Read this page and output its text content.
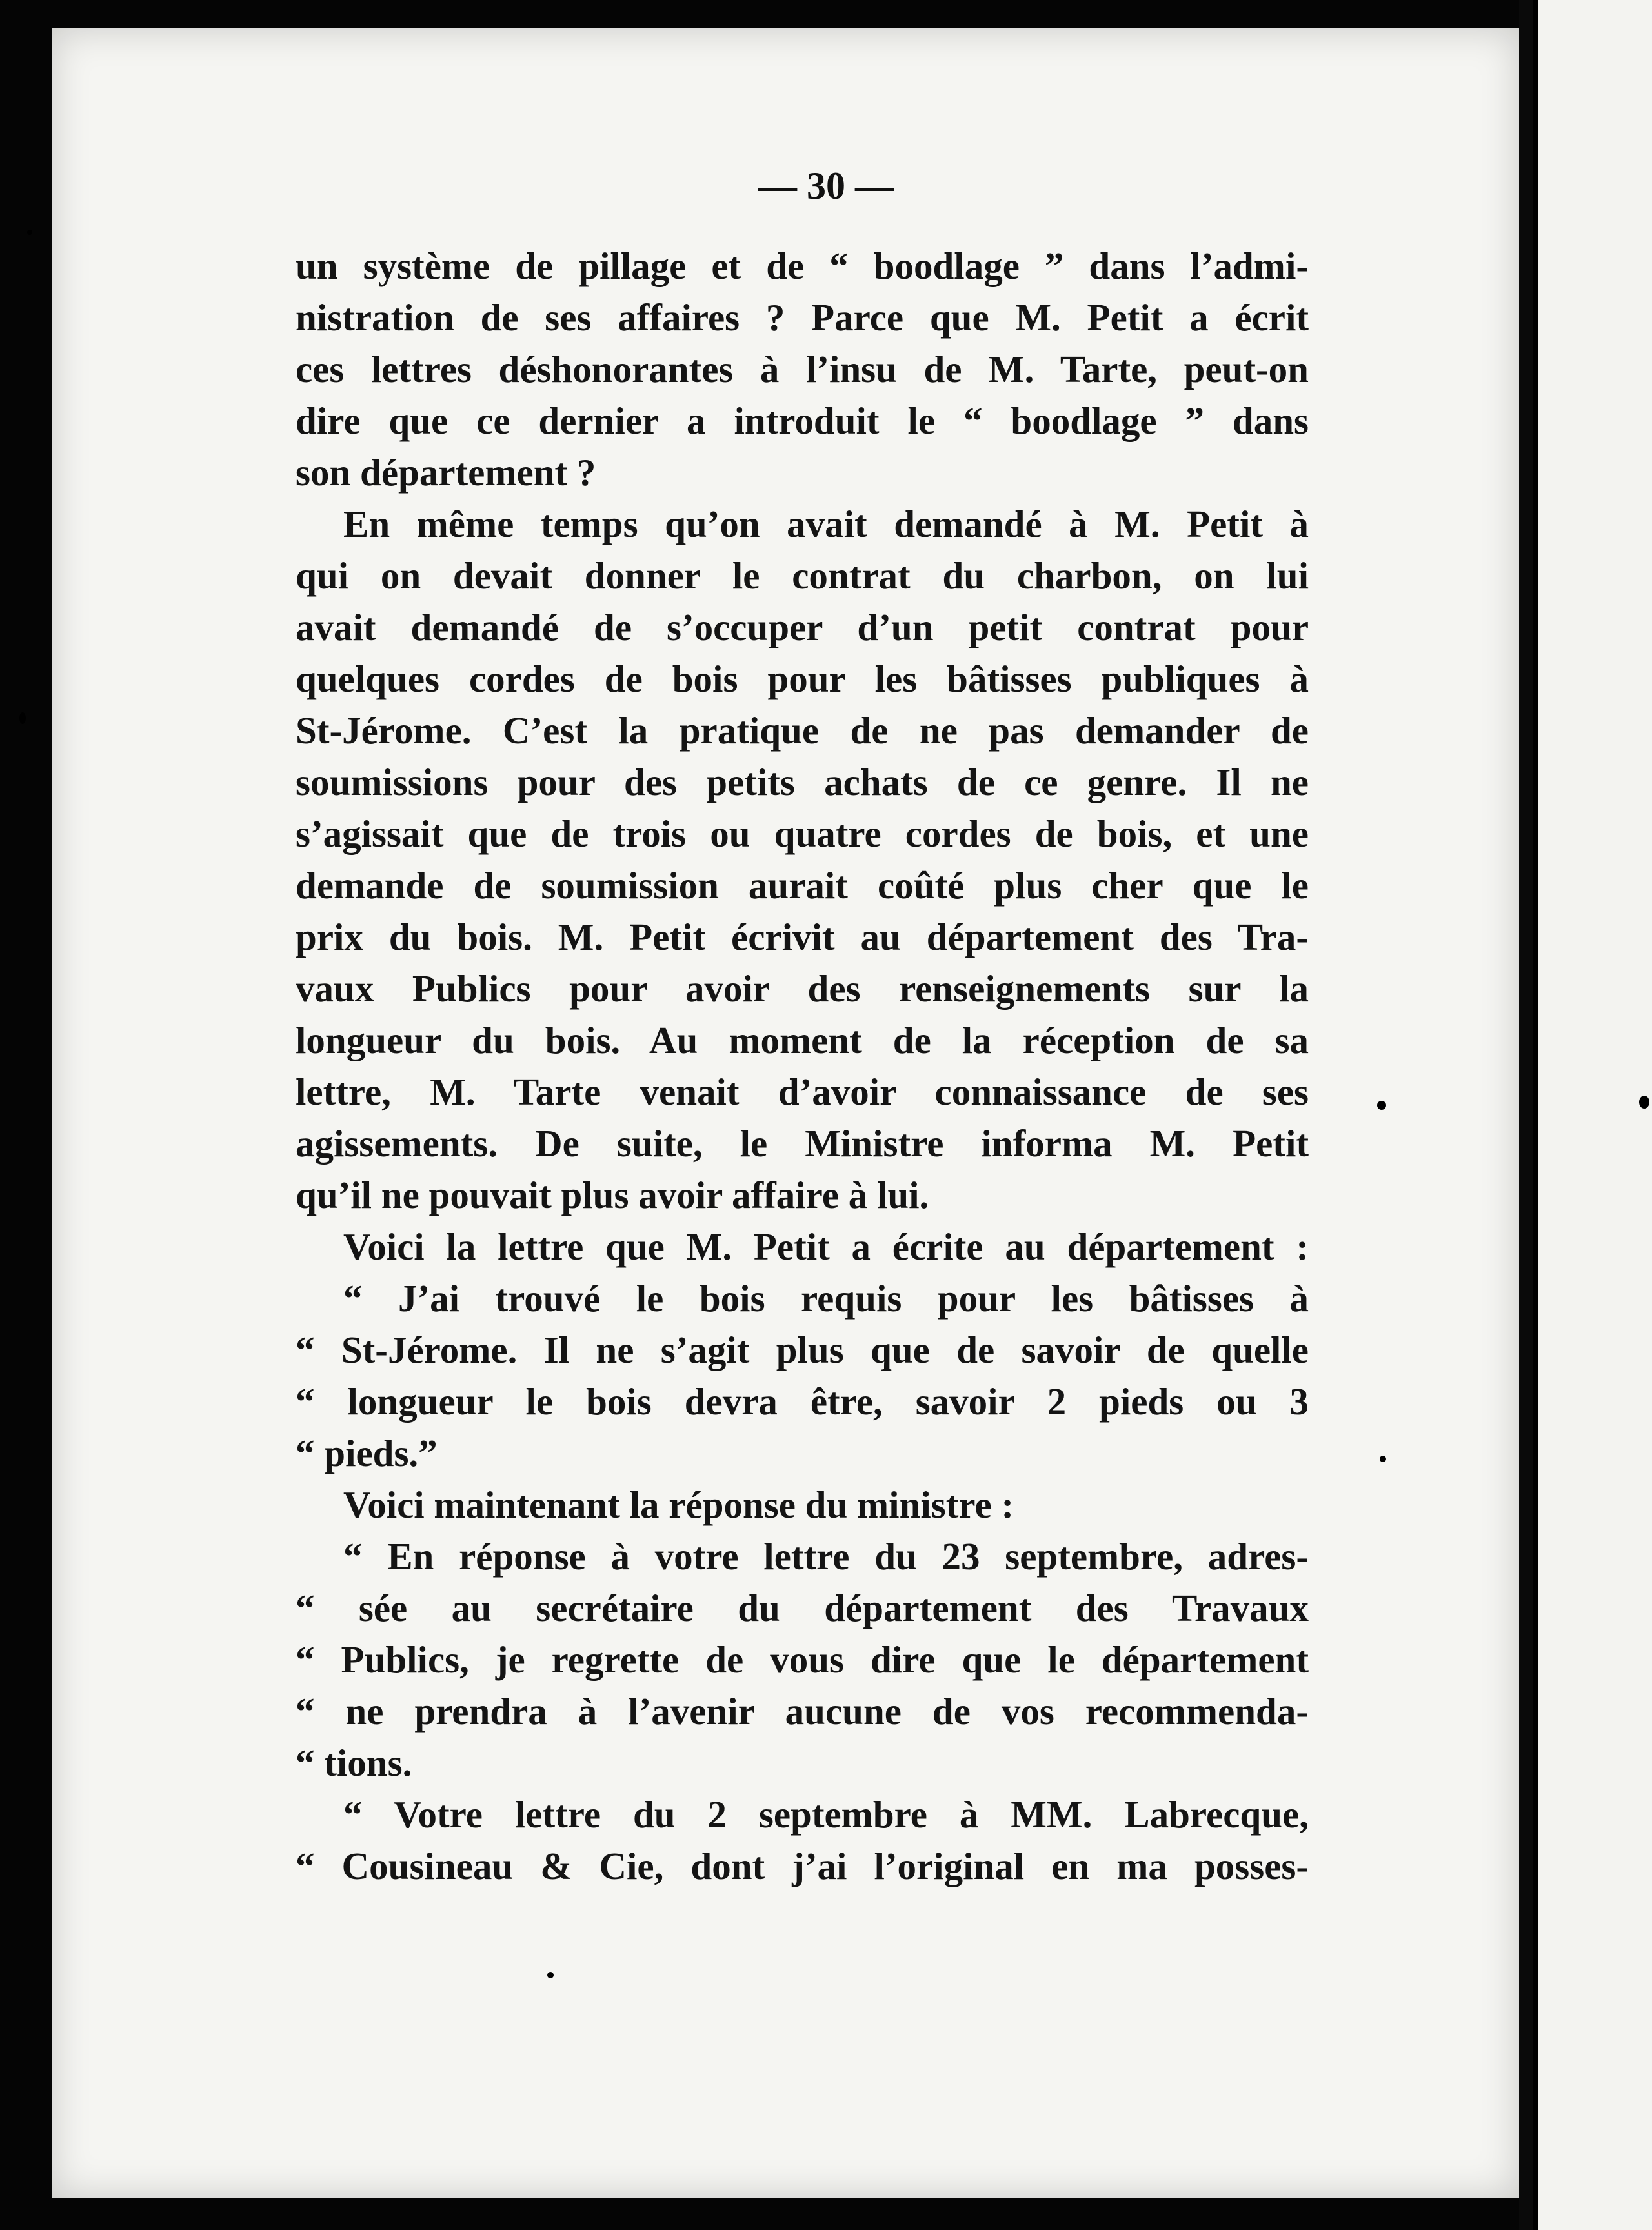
— 30 —
un système de pillage et de “ boodlage ” dans l’admi-
nistration de ses affaires ? Parce que M. Petit a écrit
ces lettres déshonorantes à l’insu de M. Tarte, peut-on
dire que ce dernier a introduit le “ boodlage ” dans
son département ?
En même temps qu’on avait demandé à M. Petit à
qui on devait donner le contrat du charbon, on lui
avait demandé de s’occuper d’un petit contrat pour
quelques cordes de bois pour les bâtisses publiques à
St-Jérome. C’est la pratique de ne pas demander de
soumissions pour des petits achats de ce genre. Il ne
s’agissait que de trois ou quatre cordes de bois, et une
demande de soumission aurait coûté plus cher que le
prix du bois. M. Petit écrivit au département des Tra-
vaux Publics pour avoir des renseignements sur la
longueur du bois. Au moment de la réception de sa
lettre, M. Tarte venait d’avoir connaissance de ses
agissements. De suite, le Ministre informa M. Petit
qu’il ne pouvait plus avoir affaire à lui.
Voici la lettre que M. Petit a écrite au département :
“ J’ai trouvé le bois requis pour les bâtisses à
“ St-Jérome. Il ne s’agit plus que de savoir de quelle
“ longueur le bois devra être, savoir 2 pieds ou 3
“ pieds.”
Voici maintenant la réponse du ministre :
“ En réponse à votre lettre du 23 septembre, adres-
“ sée au secrétaire du département des Travaux
“ Publics, je regrette de vous dire que le département
“ ne prendra à l’avenir aucune de vos recommenda-
“ tions.
“ Votre lettre du 2 septembre à MM. Labrecque,
“ Cousineau & Cie, dont j’ai l’original en ma posses-
